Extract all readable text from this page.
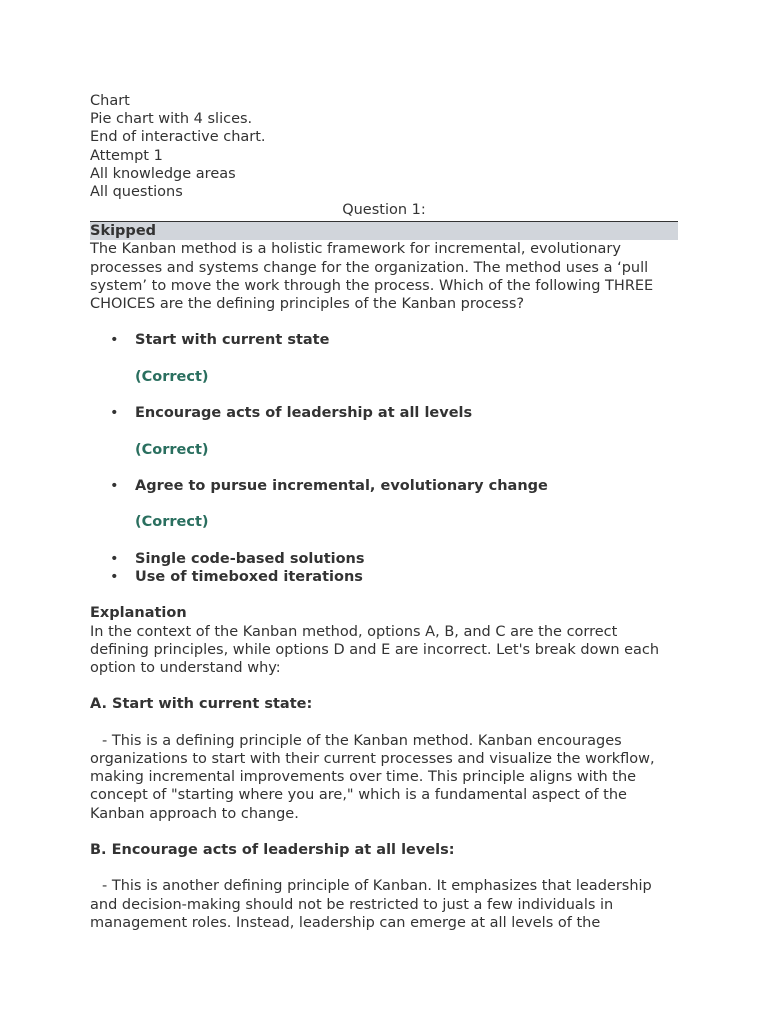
Chart
Pie chart with 4 slices.
End of interactive chart.
Attempt 1
All knowledge areas
All questions
Question 1:
Skipped
The Kanban method is a holistic framework for incremental, evolutionary processes and systems change for the organization. The method uses a ‘pull system’ to move the work through the process. Which of the following THREE CHOICES are the defining principles of the Kanban process?
• Start with current state
(Correct)
• Encourage acts of leadership at all levels
(Correct)
• Agree to pursue incremental, evolutionary change
(Correct)
• Single code-based solutions
• Use of timeboxed iterations
Explanation
In the context of the Kanban method, options A, B, and C are the correct defining principles, while options D and E are incorrect. Let's break down each option to understand why:
A. Start with current state:
- This is a defining principle of the Kanban method. Kanban encourages organizations to start with their current processes and visualize the workflow, making incremental improvements over time. This principle aligns with the concept of "starting where you are," which is a fundamental aspect of the Kanban approach to change.
B. Encourage acts of leadership at all levels:
- This is another defining principle of Kanban. It emphasizes that leadership and decision-making should not be restricted to just a few individuals in management roles. Instead, leadership can emerge at all levels of the
